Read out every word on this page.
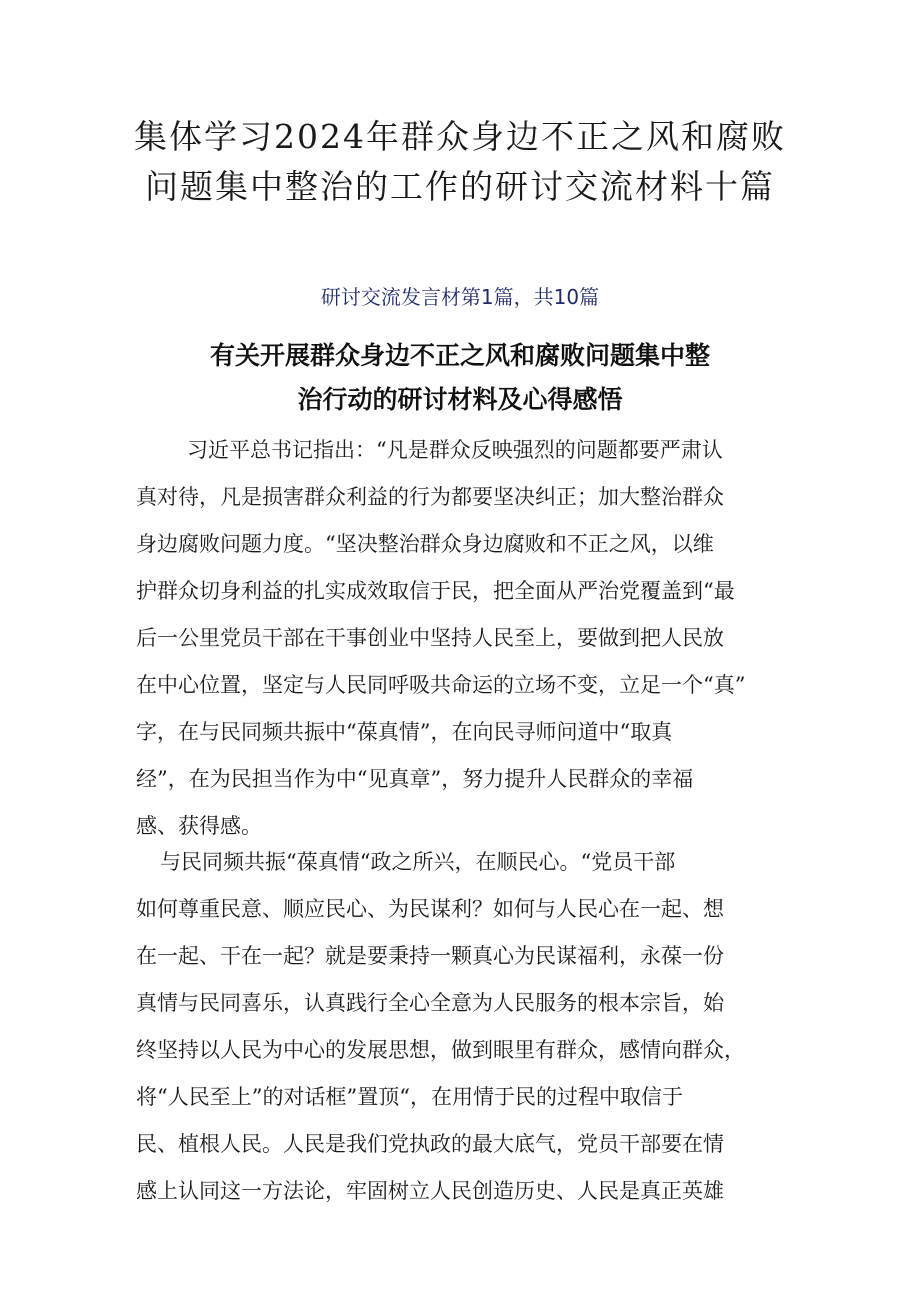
集体学习2024年群众身边不正之风和腐败
问题集中整治的工作的研讨交流材料十篇
研讨交流发言材第1篇，共10篇
有关开展群众身边不正之风和腐败问题集中整
治行动的研讨材料及心得感悟
习近平总书记指出：“凡是群众反映强烈的问题都要严肃认
真对待，凡是损害群众利益的行为都要坚决纠正；加大整治群众
身边腐败问题力度。“坚决整治群众身边腐败和不正之风，以维
护群众切身利益的扎实成效取信于民，把全面从严治党覆盖到“最
后一公里党员干部在干事创业中坚持人民至上，要做到把人民放
在中心位置，坚定与人民同呼吸共命运的立场不变，立足一个“真”
字，在与民同频共振中“葆真情”，在向民寻师问道中“取真
经”，在为民担当作为中“见真章”，努力提升人民群众的幸福
感、获得感。
与民同频共振“葆真情“政之所兴，在顺民心。“党员干部
如何尊重民意、顺应民心、为民谋利？如何与人民心在一起、想
在一起、干在一起？就是要秉持一颗真心为民谋福利，永葆一份
真情与民同喜乐，认真践行全心全意为人民服务的根本宗旨，始
终坚持以人民为中心的发展思想，做到眼里有群众，感情向群众，
将“人民至上”的对话框”置顶“，在用情于民的过程中取信于
民、植根人民。人民是我们党执政的最大底气，党员干部要在情
感上认同这一方法论，牢固树立人民创造历史、人民是真正英雄
